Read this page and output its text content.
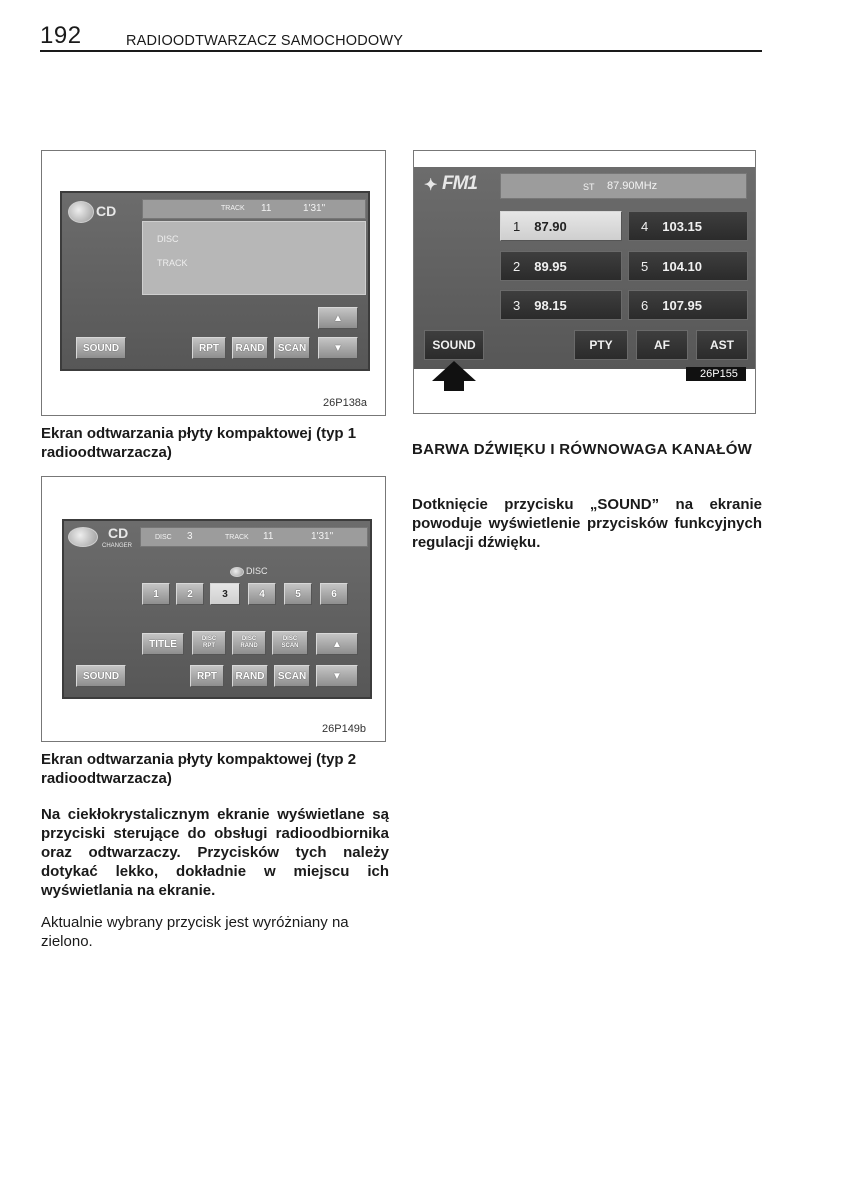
192	RADIOODTWARZACZ SAMOCHODOWY
CD	TRACK 11	1'31"
DISC
TRACK
▲
SOUND	RPT	RAND	SCAN	▼
26P138a
Ekran odtwarzania płyty kompaktowej (typ 1 radioodtwarzacza)
CD
CHANGER
DISC 3	TRACK 11	1'31"
DISC
1	2	3	4	5	6
TITLE	DISC
RPT
DISC
RAND
DISC
SCAN	▲
SOUND	RPT	RAND	SCAN	▼
26P149b
Ekran odtwarzania płyty kompaktowej (typ 2 radioodtwarzacza)
Na ciekłokrystalicznym ekranie wyświetlane są przyciski sterujące do obsługi radioodbiornika oraz odtwarzaczy. Przycisków tych należy dotykać lekko, dokładnie w miejscu ich wyświetlania na ekranie.
Aktualnie wybrany przycisk jest wyróżniany na zielono.
✦ FM1	ST 87.90MHz
1 87.90
2 89.95
3 98.15
4 103.15
5 104.10
6 107.95
SOUND	PTY	AF	AST
26P155
BARWA DŹWIĘKU I RÓWNOWAGA KANAŁÓW
Dotknięcie przycisku „SOUND” na ekranie powoduje wyświetlenie przycisków funkcyjnych regulacji dźwięku.
